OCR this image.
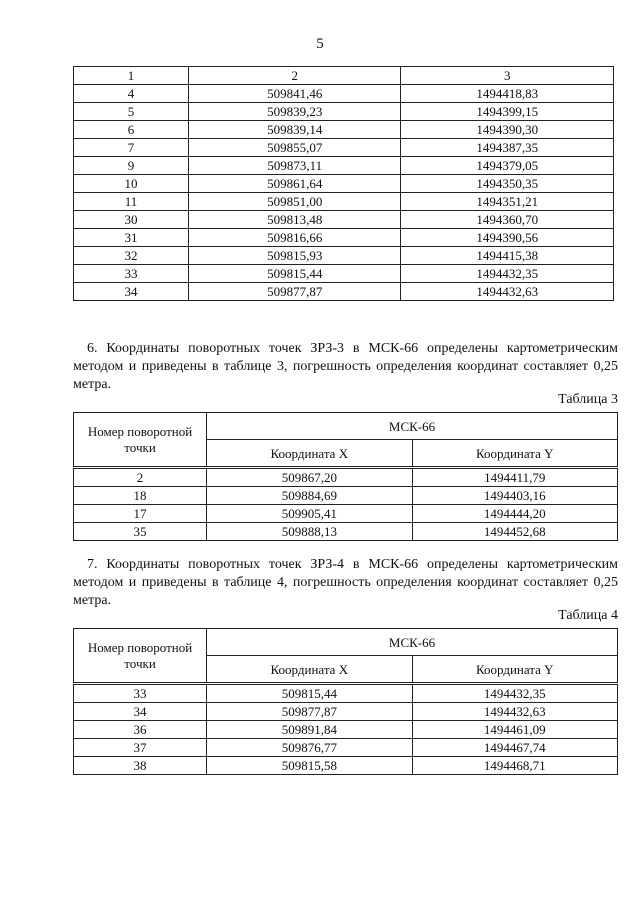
5
1	2	3
4	509841,46	1494418,83
5	509839,23	1494399,15
6	509839,14	1494390,30
7	509855,07	1494387,35
9	509873,11	1494379,05
10	509861,64	1494350,35
11	509851,00	1494351,21
30	509813,48	1494360,70
31	509816,66	1494390,56
32	509815,93	1494415,38
33	509815,44	1494432,35
34	509877,87	1494432,63

6. Координаты поворотных точек ЗРЗ-3 в МСК-66 определены картометрическим методом и приведены в таблице 3, погрешность определения координат составляет 0,25 метра.

Таблица 3
Номер поворотной точки	МСК-66	
	Координата X	Координата Y
2	509867,20	1494411,79
18	509884,69	1494403,16
17	509905,41	1494444,20
35	509888,13	1494452,68

7. Координаты поворотных точек ЗРЗ-4 в МСК-66 определены картометрическим методом и приведены в таблице 4, погрешность определения координат составляет 0,25 метра.

Таблица 4
Номер поворотной точки	МСК-66	
	Координата X	Координата Y
33	509815,44	1494432,35
34	509877,87	1494432,63
36	509891,84	1494461,09
37	509876,77	1494467,74
38	509815,58	1494468,71
